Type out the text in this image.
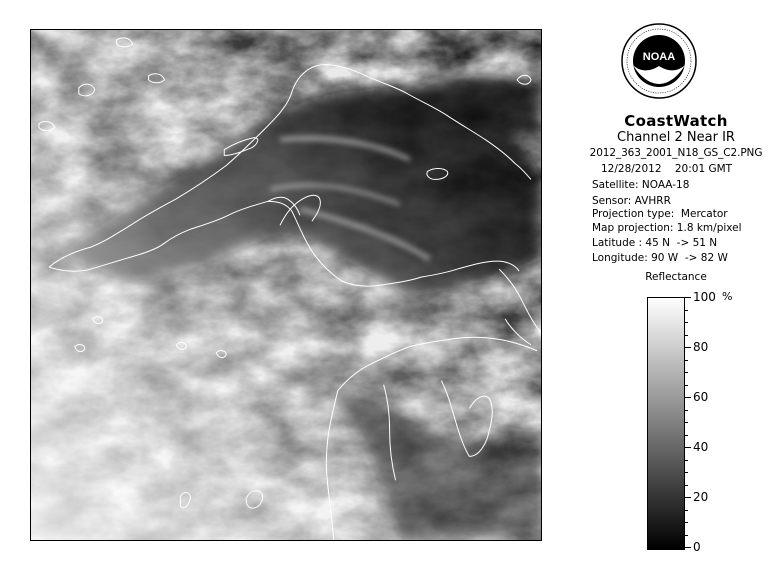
NOAA
CoastWatch
Channel 2 Near IR
2012_363_2001_N18_GS_C2.PNG
12/28/2012    20:01 GMT
Satellite: NOAA-18
Sensor: AVHRR
Projection type:  Mercator
Map projection: 1.8 km/pixel
Latitude : 45 N  -> 51 N
Longitude: 90 W  -> 82 W
Reflectance
%
100
80
60
40
20
0
